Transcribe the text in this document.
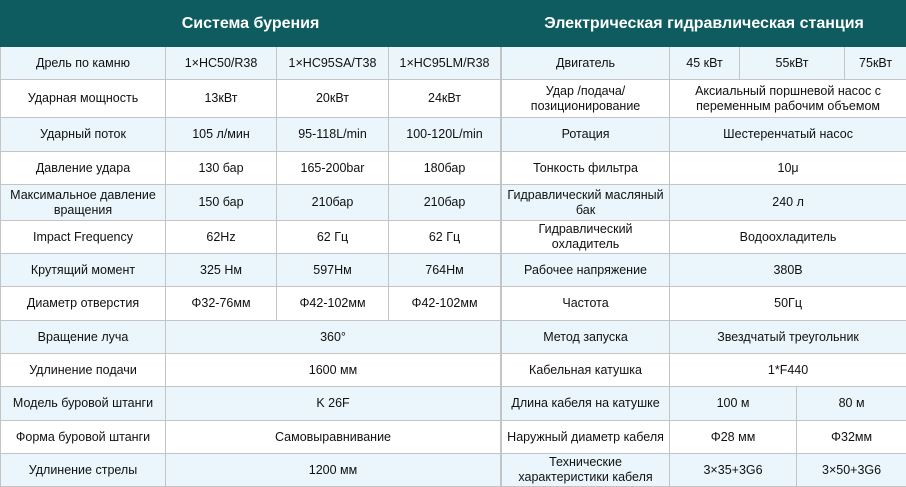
Система бурения			
Дрель по камню	1×HC50/R38	1×HC95SA/T38	1×HC95LM/R38
Ударная мощность	13кВт	20кВт	24кВт
Ударный поток	105 л/мин	95-118L/min	100-120L/min
Давление удара	130 бар	165-200bar	180бар
Максимальное давление вращения	150 бар	210бар	210бар
Impact Frequency	62Hz	62 Гц	62 Гц
Крутящий момент	325 Нм	597Нм	764Нм
Диаметр отверстия	Φ32-76мм	Φ42-102мм	Φ42-102мм
Вращение луча	360°		
Удлинение подачи	1600 мм		
Модель буровой штанги	K 26F		
Форма буровой штанги	Самовыравнивание		
Удлинение стрелы	1200 мм		
Электрическая гидравлическая станция				
Двигатель	45 кВт	55кВт		75кВт
Удар /подача/ позиционирование	Аксиальный поршневой насос с переменным рабочим объемом			
Ротация	Шестеренчатый насос			
Тонкость фильтра	10μ			
Гидравлический масляный бак	240 л			
Гидравлический охладитель	Водоохладитель			
Рабочее напряжение	380В			
Частота	50Гц			
Метод запуска	Звездчатый треугольник			
Кабельная катушка	1*F440			
Длина кабеля на катушке	100 м		80 м	
Наружный диаметр кабеля	Φ28 мм		Φ32мм	
Технические характеристики кабеля	3×35+3G6		3×50+3G6	
